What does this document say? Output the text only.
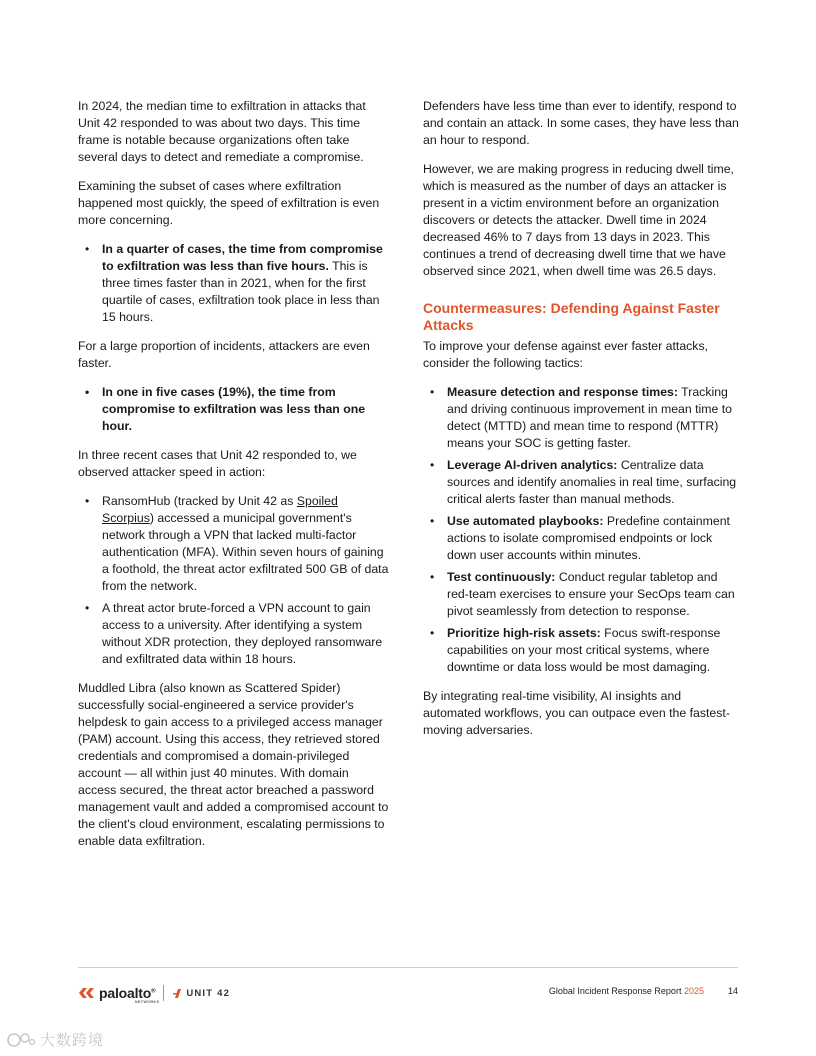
In 2024, the median time to exfiltration in attacks that Unit 42 responded to was about two days. This time frame is notable because organizations often take several days to detect and remediate a compromise.

Examining the subset of cases where exfiltration happened most quickly, the speed of exfiltration is even more concerning.

• In a quarter of cases, the time from compromise to exfiltration was less than five hours. This is three times faster than in 2021, when for the first quartile of cases, exfiltration took place in less than 15 hours.

For a large proportion of incidents, attackers are even faster.

• In one in five cases (19%), the time from compromise to exfiltration was less than one hour.

In three recent cases that Unit 42 responded to, we observed attacker speed in action:

• RansomHub (tracked by Unit 42 as Spoiled Scorpius) accessed a municipal government's network through a VPN that lacked multi-factor authentication (MFA). Within seven hours of gaining a foothold, the threat actor exfiltrated 500 GB of data from the network.
• A threat actor brute-forced a VPN account to gain access to a university. After identifying a system without XDR protection, they deployed ransomware and exfiltrated data within 18 hours.

Muddled Libra (also known as Scattered Spider) successfully social-engineered a service provider's helpdesk to gain access to a privileged access manager (PAM) account. Using this access, they retrieved stored credentials and compromised a domain-privileged account — all within just 40 minutes. With domain access secured, the threat actor breached a password management vault and added a compromised account to the client's cloud environment, escalating permissions to enable data exfiltration.

Defenders have less time than ever to identify, respond to and contain an attack. In some cases, they have less than an hour to respond.

However, we are making progress in reducing dwell time, which is measured as the number of days an attacker is present in a victim environment before an organization discovers or detects the attacker. Dwell time in 2024 decreased 46% to 7 days from 13 days in 2023. This continues a trend of decreasing dwell time that we have observed since 2021, when dwell time was 26.5 days.

Countermeasures: Defending Against Faster Attacks

To improve your defense against ever faster attacks, consider the following tactics:

• Measure detection and response times: Tracking and driving continuous improvement in mean time to detect (MTTD) and mean time to respond (MTTR) means your SOC is getting faster.
• Leverage AI-driven analytics: Centralize data sources and identify anomalies in real time, surfacing critical alerts faster than manual methods.
• Use automated playbooks: Predefine containment actions to isolate compromised endpoints or lock down user accounts within minutes.
• Test continuously: Conduct regular tabletop and red-team exercises to ensure your SecOps team can pivot seamlessly from detection to response.
• Prioritize high-risk assets: Focus swift-response capabilities on your most critical systems, where downtime or data loss would be most damaging.

By integrating real-time visibility, AI insights and automated workflows, you can outpace even the fastest-moving adversaries.

paloalto®
NETWORKS
UNIT 42	Global Incident Response Report 2025	14
大数跨境
